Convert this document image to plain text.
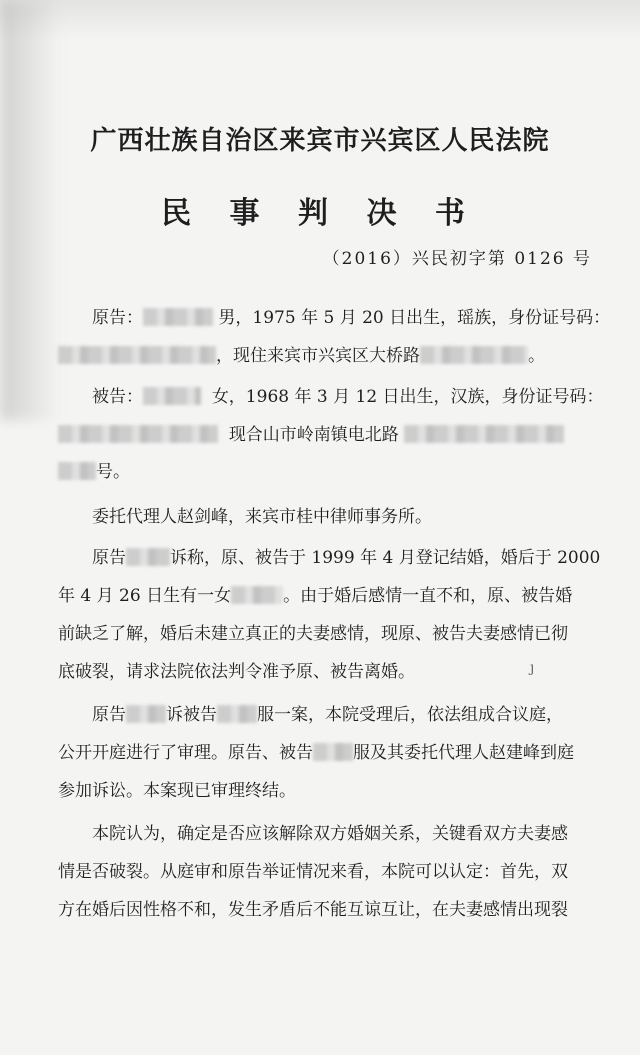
广西壮族自治区来宾市兴宾区人民法院
民 事 判 决 书
（2016）兴民初字第 0126 号
原告：	男，1975 年 5 月 20 日出生，瑶族，身份证号码：
，现住来宾市兴宾区大桥路	。
被告：	女，1968 年 3 月 12 日出生，汉族，身份证号码：
现合山市岭南镇电北路
号。
委托代理人赵剑峰，来宾市桂中律师事务所。
原告	诉称，原、被告于 1999 年 4 月登记结婚，婚后于 2000
年 4 月 26 日生有一女	。由于婚后感情一直不和，原、被告婚
前缺乏了解，婚后未建立真正的夫妻感情，现原、被告夫妻感情已彻
底破裂，请求法院依法判令准予原、被告离婚。	ȷ
原告 诉被告 服一案，本院受理后，依法组成合议庭，
公开开庭进行了审理。原告、被告 服及其委托代理人赵建峰到庭
参加诉讼。本案现已审理终结。
本院认为，确定是否应该解除双方婚姻关系，关键看双方夫妻感
情是否破裂。从庭审和原告举证情况来看，本院可以认定：首先，双
方在婚后因性格不和，发生矛盾后不能互谅互让，在夫妻感情出现裂
